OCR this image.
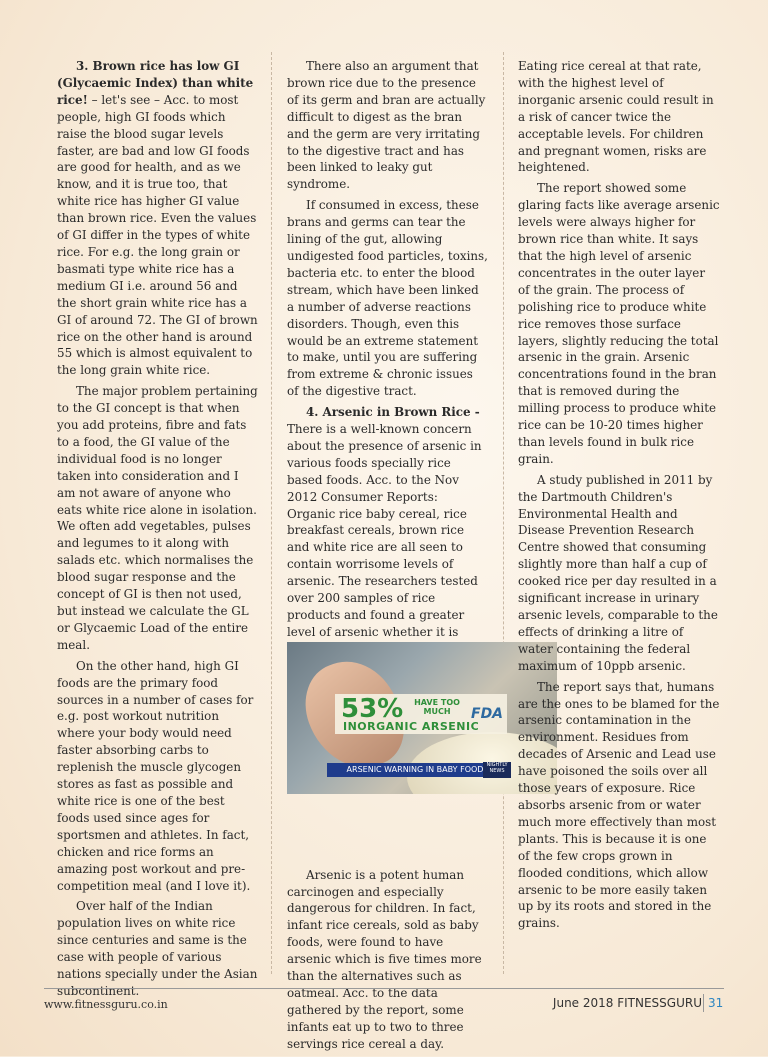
3. Brown rice has low GI (Glycaemic Index) than white rice! – let's see – Acc. to most people, high GI foods which raise the blood sugar levels faster, are bad and low GI foods are good for health, and as we know, and it is true too, that white rice has higher GI value than brown rice. Even the values of GI differ in the types of white rice. For e.g. the long grain or basmati type white rice has a medium GI i.e. around 56 and the short grain white rice has a GI of around 72. The GI of brown rice on the other hand is around 55 which is almost equivalent to the long grain white rice.

The major problem pertaining to the GI concept is that when you add proteins, fibre and fats to a food, the GI value of the individual food is no longer taken into consideration and I am not aware of anyone who eats white rice alone in isolation. We often add vegetables, pulses and legumes to it along with salads etc. which normalises the blood sugar response and the concept of GI is then not used, but instead we calculate the GL or Glycaemic Load of the entire meal.

On the other hand, high GI foods are the primary food sources in a number of cases for e.g. post workout nutrition where your body would need faster absorbing carbs to replenish the muscle glycogen stores as fast as possible and white rice is one of the best foods used since ages for sportsmen and athletes. In fact, chicken and rice forms an amazing post workout and pre-competition meal (and I love it).

Over half of the Indian population lives on white rice since centuries and same is the case with people of various nations specially under the Asian subcontinent.

There also an argument that brown rice due to the presence of its germ and bran are actually difficult to digest as the bran and the germ are very irritating to the digestive tract and has been linked to leaky gut syndrome.

If consumed in excess, these brans and germs can tear the lining of the gut, allowing undigested food particles, toxins, bacteria etc. to enter the blood stream, which have been linked a number of adverse reactions disorders. Though, even this would be an extreme statement to make, until you are suffering from extreme & chronic issues of the digestive tract.

4. Arsenic in Brown Rice - There is a well-known concern about the presence of arsenic in various foods specially rice based foods. Acc. to the Nov 2012 Consumer Reports: Organic rice baby cereal, rice breakfast cereals, brown rice and white rice are all seen to contain worrisome levels of arsenic. The researchers tested over 200 samples of rice products and found a greater level of arsenic whether it is

Arsenic is a potent human carcinogen and especially dangerous for children. In fact, infant rice cereals, sold as baby foods, were found to have arsenic which is five times more than the alternatives such as oatmeal. Acc. to the data gathered by the report, some infants eat up to two to three servings rice cereal a day.

53%	HAVE TOO MUCH
INORGANIC ARSENIC
FDA
ARSENIC WARNING IN BABY FOOD NIGHTLY NEWS

Eating rice cereal at that rate, with the highest level of inorganic arsenic could result in a risk of cancer twice the acceptable levels. For children and pregnant women, risks are heightened.

The report showed some glaring facts like average arsenic levels were always higher for brown rice than white. It says that the high level of arsenic concentrates in the outer layer of the grain. The process of polishing rice to produce white rice removes those surface layers, slightly reducing the total arsenic in the grain. Arsenic concentrations found in the bran that is removed during the milling process to produce white rice can be 10-20 times higher than levels found in bulk rice grain.

A study published in 2011 by the Dartmouth Children's Environmental Health and Disease Prevention Research Centre showed that consuming slightly more than half a cup of cooked rice per day resulted in a significant increase in urinary arsenic levels, comparable to the effects of drinking a litre of water containing the federal maximum of 10ppb arsenic.

The report says that, humans are the ones to be blamed for the arsenic contamination in the environment. Residues from decades of Arsenic and Lead use have poisoned the soils over all those years of exposure. Rice absorbs arsenic from or water much more effectively than most plants. This is because it is one of the few crops grown in flooded conditions, which allow arsenic to be more easily taken up by its roots and stored in the grains.

www.fitnessguru.co.in	June 2018 FITNESSGURU 31
